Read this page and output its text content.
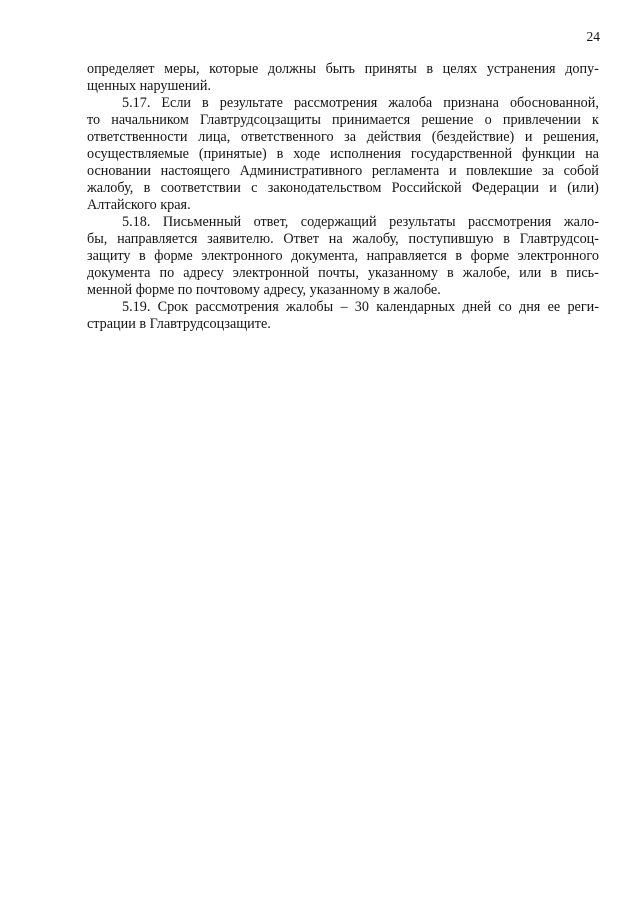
24
определяет меры, которые должны быть приняты в целях устранения допу-
щенных нарушений.
5.17. Если в результате рассмотрения жалоба признана обоснованной,
то начальником Главтрудсоцзащиты принимается решение о привлечении к
ответственности лица, ответственного за действия (бездействие) и решения,
осуществляемые (принятые) в ходе исполнения государственной функции на
основании настоящего Административного регламента и повлекшие за собой
жалобу, в соответствии с законодательством Российской Федерации и (или)
Алтайского края.
5.18. Письменный ответ, содержащий результаты рассмотрения жало-
бы, направляется заявителю. Ответ на жалобу, поступившую в Главтрудсоц-
защиту в форме электронного документа, направляется в форме электронного
документа по адресу электронной почты, указанному в жалобе, или в пись-
менной форме по почтовому адресу, указанному в жалобе.
5.19. Срок рассмотрения жалобы – 30 календарных дней со дня ее реги-
страции в Главтрудсоцзащите.
